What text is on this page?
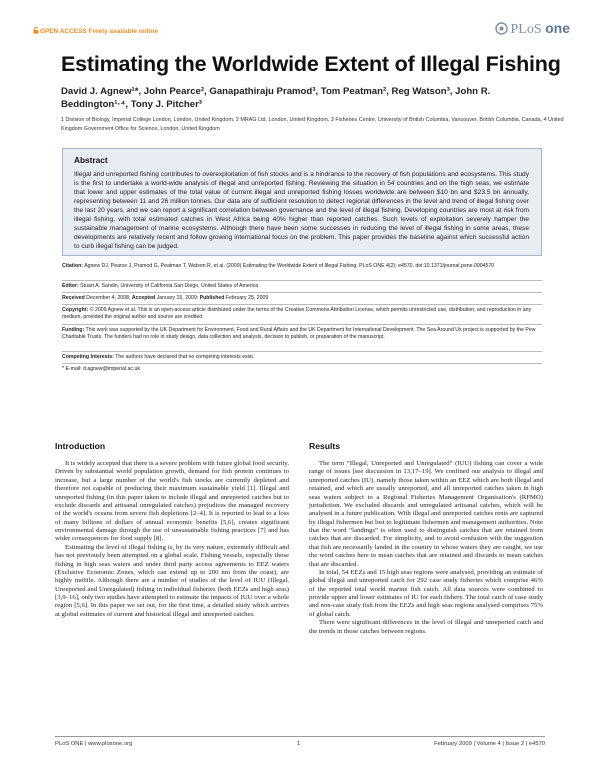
OPEN ACCESS Freely available online	PLoS one
Estimating the Worldwide Extent of Illegal Fishing
David J. Agnew¹*, John Pearce², Ganapathiraju Pramod³, Tom Peatman², Reg Watson³, John R.
Beddington¹·⁴, Tony J. Pitcher³
1 Division of Biology, Imperial College London, London, United Kingdom, 2 MRAG Ltd, London, United Kingdom, 3 Fisheries Centre, University of British Columbia, Vancouver, British Columbia, Canada, 4 United Kingdom Government Office for Science, London, United Kingdom
Abstract
Illegal and unreported fishing contributes to overexploitation of fish stocks and is a hindrance to the recovery of fish populations and ecosystems. This study is the first to undertake a world-wide analysis of illegal and unreported fishing. Reviewing the situation in 54 countries and on the high seas, we estimate that lower and upper estimates of the total value of current illegal and unreported fishing losses worldwide are between $10 bn and $23.5 bn annually, representing between 11 and 26 million tonnes. Our data are of sufficient resolution to detect regional differences in the level and trend of illegal fishing over the last 20 years, and we can report a significant correlation between governance and the level of illegal fishing. Developing countries are most at risk from illegal fishing, with total estimated catches in West Africa being 40% higher than reported catches. Such levels of exploitation severely hamper the sustainable management of marine ecosystems. Although there have been some successes in reducing the level of illegal fishing in some areas, these developments are relatively recent and follow growing international focus on the problem. This paper provides the baseline against which successful action to curb illegal fishing can be judged.
Citation: Agnew DJ, Pearce J, Pramod G, Peatman T, Watson R, et al. (2009) Estimating the Worldwide Extent of Illegal Fishing. PLoS ONE 4(2): e4570. doi:10.1371/journal.pone.0004570
Editor: Stuart A. Sandin, University of California San Diego, United States of America
Received December 4, 2008; Accepted January 15, 2009; Published February 25, 2009
Copyright: © 2009 Agnew et al. This is an open-access article distributed under the terms of the Creative Commons Attribution License, which permits unrestricted use, distribution, and reproduction in any medium, provided the original author and source are credited.
Funding: This work was supported by the UK Department for Environment, Food and Rural Affairs and the UK Department for International Development. The Sea Around Us project is supported by the Pew Charitable Trusts. The funders had no role in study design, data collection and analysis, decision to publish, or preparation of the manuscript.
Competing Interests: The authors have declared that no competing interests exist.
* E-mail: d.agnew@imperial.ac.uk
Introduction

It is widely accepted that there is a severe problem with future global food security. Driven by substantial world population growth, demand for fish protein continues to increase, but a large number of the world's fish stocks are currently depleted and therefore not capable of producing their maximum sustainable yield [1]. Illegal and unreported fishing (in this paper taken to include illegal and unreported catches but to exclude discards and artisanal unregulated catches) prejudices the managed recovery of the world's oceans from severe fish depletions [2–4]. It is reported to lead to a loss of many billions of dollars of annual economic benefits [5,6], creates significant environmental damage through the use of unsustainable fishing practices [7] and has wider consequences for food supply [8].

Estimating the level of illegal fishing is, by its very nature, extremely difficult and has not previously been attempted on a global scale. Fishing vessels, especially those fishing in high seas waters and under third party access agreements to EEZ waters (Exclusive Economic Zones, which can extend up to 200 nm from the coast), are highly mobile. Although there are a number of studies of the level of IUU (Illegal, Unreported and Unregulated) fishing in individual fisheries (both EEZs and high seas) [3,9–16], only two studies have attempted to estimate the impacts of IUU over a whole region [5,6]. In this paper we set out, for the first time, a detailed study which arrives at global estimates of current and historical illegal and unreported catches.

Results

The term “Illegal, Unreported and Unregulated” (IUU) fishing can cover a wide range of issues [see discussion in 13,17–19]. We confined our analysis to illegal and unreported catches (IU), namely those taken within an EEZ which are both illegal and retained, and which are usually unreported, and all unreported catches taken in high seas waters subject to a Regional Fisheries Management Organisation's (RFMO) jurisdiction. We excluded discards and unregulated artisanal catches, which will be analysed in a future publication. With illegal and unreported catches rents are captured by illegal fishermen but lost to legitimate fishermen and management authorities. Note that the word “landings” is often used to distinguish catches that are retained from catches that are discarded. For simplicity, and to avoid confusion with the suggestion that fish are necessarily landed in the country in whose waters they are caught, we use the word catches here to mean catches that are retained and discards to mean catches that are discarded.

In total, 54 EEZs and 15 high seas regions were analysed, providing an estimate of global illegal and unreported catch for 292 case study fisheries which comprise 46% of the reported total world marine fish catch. All data sources were combined to provide upper and lower estimates of IU for each fishery. The total catch of case study and non-case study fish from the EEZs and high seas regions analysed comprises 75% of global catch.

There were significant differences in the level of illegal and unreported catch and the trends in those catches between regions.

PLoS ONE | www.plosone.org	1	February 2009 | Volume 4 | Issue 2 | e4570
